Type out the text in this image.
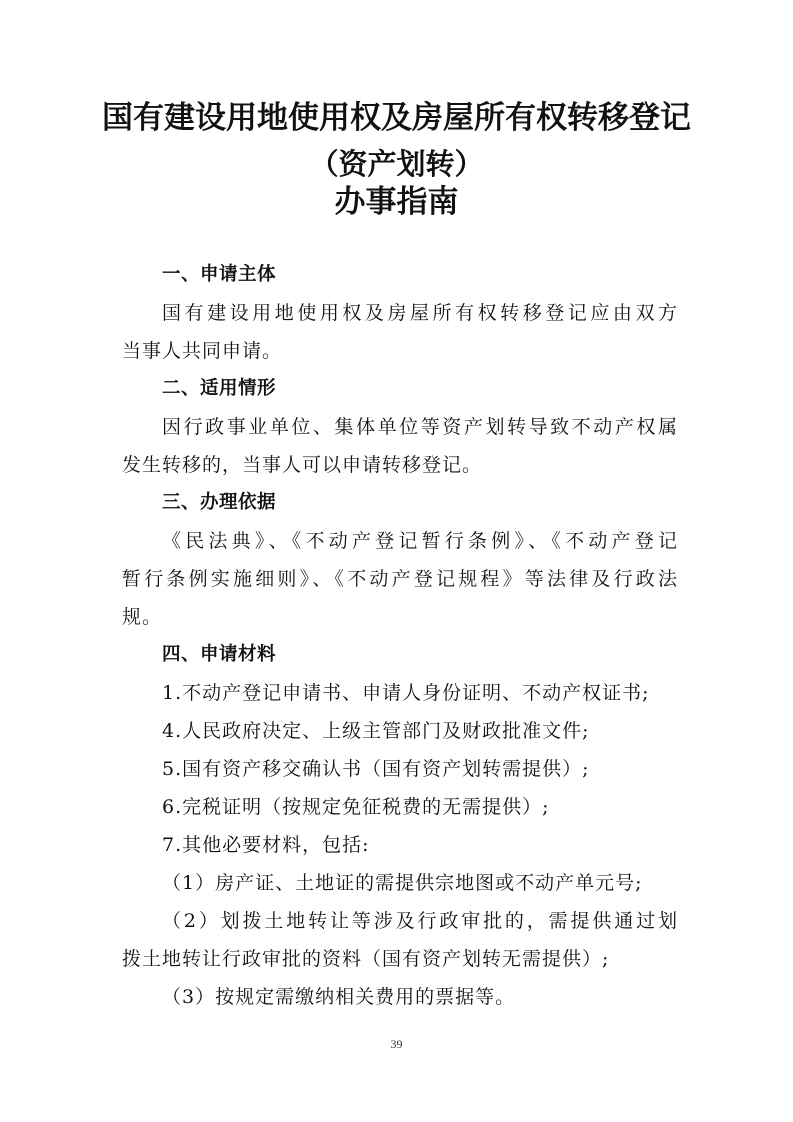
国有建设用地使用权及房屋所有权转移登记
（资产划转）
办事指南
一、申请主体
国有建设用地使用权及房屋所有权转移登记应由双方
当事人共同申请。
二、适用情形
因行政事业单位、集体单位等资产划转导致不动产权属
发生转移的，当事人可以申请转移登记。
三、办理依据
《民法典》、《不动产登记暂行条例》、《不动产登记
暂行条例实施细则》、《不动产登记规程》等法律及行政法
规。
四、申请材料
1.不动产登记申请书、申请人身份证明、不动产权证书;
4.人民政府决定、上级主管部门及财政批准文件;
5.国有资产移交确认书（国有资产划转需提供）;
6.完税证明（按规定免征税费的无需提供）;
7.其他必要材料，包括:
（1）房产证、土地证的需提供宗地图或不动产单元号;
（2）划拨土地转让等涉及行政审批的，需提供通过划
拨土地转让行政审批的资料（国有资产划转无需提供）;
（3）按规定需缴纳相关费用的票据等。
39
